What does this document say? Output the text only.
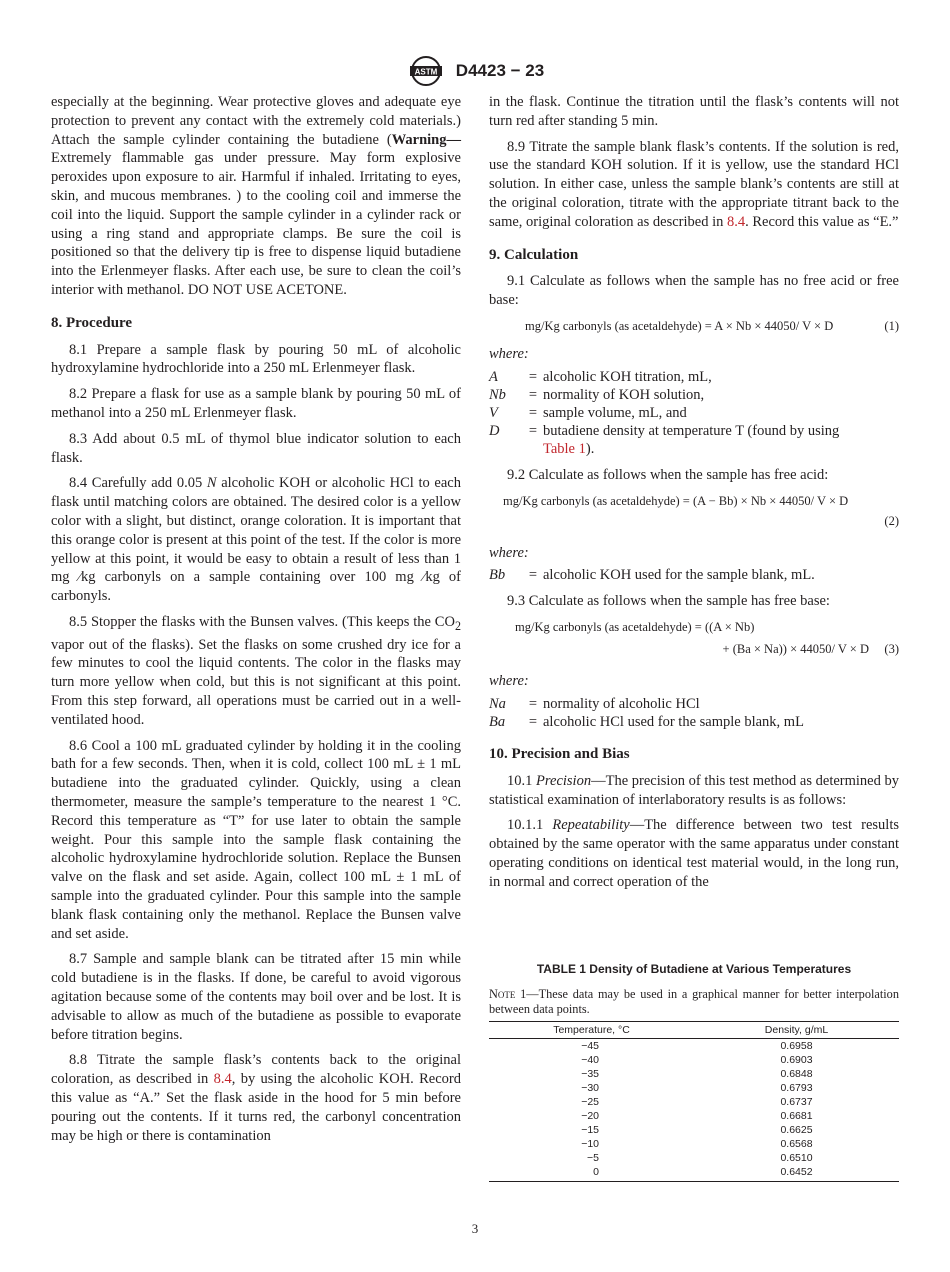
ASTM D4423 − 23

especially at the beginning. Wear protective gloves and adequate eye protection to prevent any contact with the extremely cold materials.) Attach the sample cylinder containing the butadiene (Warning—Extremely flammable gas under pressure. May form explosive peroxides upon exposure to air. Harmful if inhaled. Irritating to eyes, skin, and mucous membranes. ) to the cooling coil and immerse the coil into the liquid. Support the sample cylinder in a cylinder rack or using a ring stand and appropriate clamps. Be sure the coil is positioned so that the delivery tip is free to dispense liquid butadiene into the Erlenmeyer flasks. After each use, be sure to clean the coil’s interior with methanol. DO NOT USE ACETONE.

8. Procedure

8.1 Prepare a sample flask by pouring 50 mL of alcoholic hydroxylamine hydrochloride into a 250 mL Erlenmeyer flask.

8.2 Prepare a flask for use as a sample blank by pouring 50 mL of methanol into a 250 mL Erlenmeyer flask.

8.3 Add about 0.5 mL of thymol blue indicator solution to each flask.

8.4 Carefully add 0.05 N alcoholic KOH or alcoholic HCl to each flask until matching colors are obtained. The desired color is a yellow color with a slight, but distinct, orange coloration. It is important that this orange color is present at this point of the test. If the color is more yellow at this point, it would be easy to obtain a result of less than 1 mg ⁄kg carbonyls on a sample containing over 100 mg ⁄kg of carbonyls.

8.5 Stopper the flasks with the Bunsen valves. (This keeps the $CO_2$ vapor out of the flasks). Set the flasks on some crushed dry ice for a few minutes to cool the liquid contents. The color in the flasks may turn more yellow when cold, but this is not significant at this point. From this step forward, all operations must be carried out in a well-ventilated hood.

8.6 Cool a 100 mL graduated cylinder by holding it in the cooling bath for a few seconds. Then, when it is cold, collect 100 mL ± 1 mL butadiene into the graduated cylinder. Quickly, using a clean thermometer, measure the sample’s temperature to the nearest 1 °C. Record this temperature as “T” for use later to obtain the sample weight. Pour this sample into the sample flask containing the alcoholic hydroxylamine hydrochloride solution. Replace the Bunsen valve on the flask and set aside. Again, collect 100 mL ± 1 mL of sample into the graduated cylinder. Pour this sample into the sample blank flask containing only the methanol. Replace the Bunsen valve and set aside.

8.7 Sample and sample blank can be titrated after 15 min while cold butadiene is in the flasks. If done, be careful to avoid vigorous agitation because some of the contents may boil over and be lost. It is advisable to allow as much of the butadiene as possible to evaporate before titration begins.

8.8 Titrate the sample flask’s contents back to the original coloration, as described in 8.4, by using the alcoholic KOH. Record this value as “A.” Set the flask aside in the hood for 5 min before pouring out the contents. If it turns red, the carbonyl concentration may be high or there is contamination

in the flask. Continue the titration until the flask’s contents will not turn red after standing 5 min.

8.9 Titrate the sample blank flask’s contents. If the solution is red, use the standard KOH solution. If it is yellow, use the standard HCl solution. In either case, unless the sample blank’s contents are still at the original coloration, titrate with the appropriate titrant back to the same, original coloration as described in 8.4. Record this value as “E.”

9. Calculation

9.1 Calculate as follows when the sample has no free acid or free base:

mg/Kg carbonyls (as acetaldehyde) = A × Nb × 44050/ V × D	(1)
where:
A	=	alcoholic KOH titration, mL,
Nb	=	normality of KOH solution,
V	=	sample volume, mL, and
D	=	butadiene density at temperature T (found by using
Table 1).

9.2 Calculate as follows when the sample has free acid:

mg/Kg carbonyls (as acetaldehyde) = (A − Bb) × Nb × 44050/ V × D
(2)
where:
Bb	=	alcoholic KOH used for the sample blank, mL.

9.3 Calculate as follows when the sample has free base:

mg/Kg carbonyls (as acetaldehyde) = ((A × Nb)
+ (Ba × Na)) × 44050/ V × D (3)
where:
Na	=	normality of alcoholic HCl
Ba	=	alcoholic HCl used for the sample blank, mL
10. Precision and Bias

10.1 Precision—The precision of this test method as determined by statistical examination of interlaboratory results is as follows:

10.1.1 Repeatability—The difference between two test results obtained by the same operator with the same apparatus under constant operating conditions on identical test material would, in the long run, in normal and correct operation of the

TABLE 1 Density of Butadiene at Various Temperatures
Note 1—These data may be used in a graphical manner for better interpolation between data points.
Temperature, °C	Density, g/mL
−45	0.6958
−40	0.6903
−35	0.6848
−30	0.6793
−25	0.6737
−20	0.6681
−15	0.6625
−10	0.6568
−5	0.6510
0	0.6452
3
